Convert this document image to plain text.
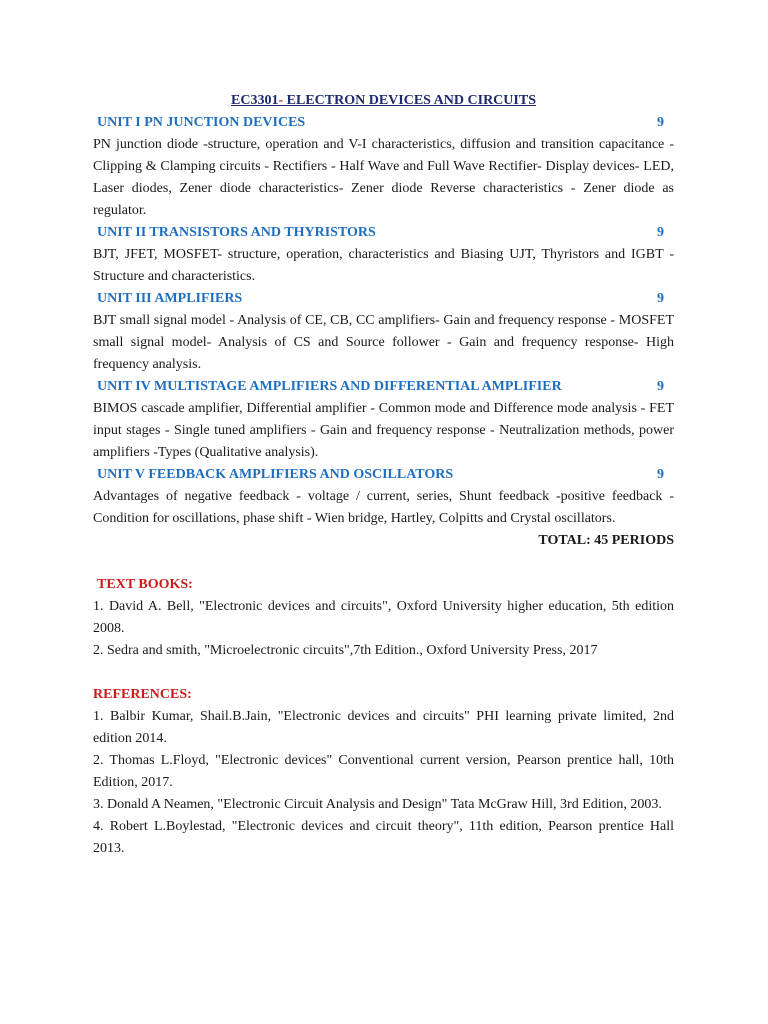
EC3301- ELECTRON DEVICES AND CIRCUITS
UNIT I PN JUNCTION DEVICES	9

PN junction diode -structure, operation and V-I characteristics, diffusion and transition capacitance - Clipping & Clamping circuits - Rectifiers - Half Wave and Full Wave Rectifier- Display devices- LED, Laser diodes, Zener diode characteristics- Zener diode Reverse characteristics - Zener diode as regulator.

UNIT II TRANSISTORS AND THYRISTORS	9

BJT, JFET, MOSFET- structure, operation, characteristics and Biasing UJT, Thyristors and IGBT - Structure and characteristics.

UNIT III AMPLIFIERS	9

BJT small signal model - Analysis of CE, CB, CC amplifiers- Gain and frequency response - MOSFET small signal model- Analysis of CS and Source follower - Gain and frequency response- High frequency analysis.

UNIT IV MULTISTAGE AMPLIFIERS AND DIFFERENTIAL AMPLIFIER	9

BIMOS cascade amplifier, Differential amplifier - Common mode and Difference mode analysis - FET input stages - Single tuned amplifiers - Gain and frequency response - Neutralization methods, power amplifiers -Types (Qualitative analysis).

UNIT V FEEDBACK AMPLIFIERS AND OSCILLATORS	9

Advantages of negative feedback - voltage / current, series, Shunt feedback -positive feedback - Condition for oscillations, phase shift - Wien bridge, Hartley, Colpitts and Crystal oscillators.

TOTAL: 45 PERIODS
TEXT BOOKS:

1. David A. Bell, "Electronic devices and circuits", Oxford University higher education, 5th edition 2008.

2. Sedra and smith, "Microelectronic circuits",7th Edition., Oxford University Press, 2017

REFERENCES:

1. Balbir Kumar, Shail.B.Jain, "Electronic devices and circuits" PHI learning private limited, 2nd edition 2014.

2. Thomas L.Floyd, "Electronic devices" Conventional current version, Pearson prentice hall, 10th Edition, 2017.

3. Donald A Neamen, "Electronic Circuit Analysis and Design" Tata McGraw Hill, 3rd Edition, 2003.

4. Robert L.Boylestad, "Electronic devices and circuit theory", 11th edition, Pearson prentice Hall 2013.
